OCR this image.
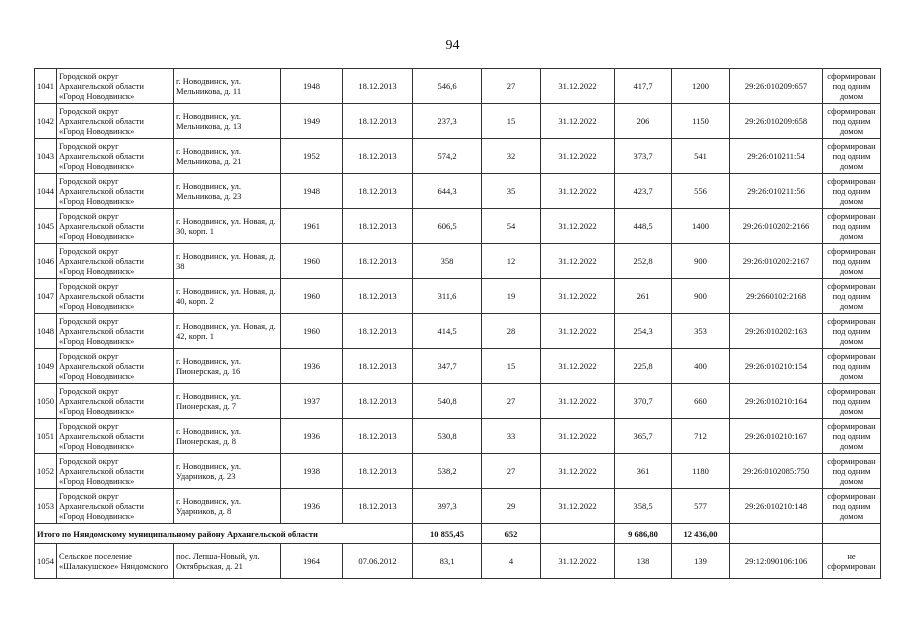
94
1041	Городской округ Архангельской области «Город Новодвинск»	г. Новодвинск, ул. Мельникова, д. 11	1948	18.12.2013	546,6	27	31.12.2022	417,7	1200	29:26:010209:657	сформирован под одним домом
1042	Городской округ Архангельской области «Город Новодвинск»	г. Новодвинск, ул. Мельникова, д. 13	1949	18.12.2013	237,3	15	31.12.2022	206	1150	29:26:010209:658	сформирован под одним домом
1043	Городской округ Архангельской области «Город Новодвинск»	г. Новодвинск, ул. Мельникова, д. 21	1952	18.12.2013	574,2	32	31.12.2022	373,7	541	29:26:010211:54	сформирован под одним домом
1044	Городской округ Архангельской области «Город Новодвинск»	г. Новодвинск, ул. Мельникова, д. 23	1948	18.12.2013	644,3	35	31.12.2022	423,7	556	29:26:010211:56	сформирован под одним домом
1045	Городской округ Архангельской области «Город Новодвинск»	г. Новодвинск, ул. Новая, д. 30, корп. 1	1961	18.12.2013	606,5	54	31.12.2022	448,5	1400	29:26:010202:2166	сформирован под одним домом
1046	Городской округ Архангельской области «Город Новодвинск»	г. Новодвинск, ул. Новая, д. 38	1960	18.12.2013	358	12	31.12.2022	252,8	900	29:26:010202:2167	сформирован под одним домом
1047	Городской округ Архангельской области «Город Новодвинск»	г. Новодвинск, ул. Новая, д. 40, корп. 2	1960	18.12.2013	311,6	19	31.12.2022	261	900	29:2660102:2168	сформирован под одним домом
1048	Городской округ Архангельской области «Город Новодвинск»	г. Новодвинск, ул. Новая, д. 42, корп. 1	1960	18.12.2013	414,5	28	31.12.2022	254,3	353	29:26:010202:163	сформирован под одним домом
1049	Городской округ Архангельской области «Город Новодвинск»	г. Новодвинск, ул. Пионерская, д. 16	1936	18.12.2013	347,7	15	31.12.2022	225,8	400	29:26:010210:154	сформирован под одним домом
1050	Городской округ Архангельской области «Город Новодвинск»	г. Новодвинск, ул. Пионерская, д. 7	1937	18.12.2013	540,8	27	31.12.2022	370,7	660	29:26:010210:164	сформирован под одним домом
1051	Городской округ Архангельской области «Город Новодвинск»	г. Новодвинск, ул. Пионерская, д. 8	1936	18.12.2013	530,8	33	31.12.2022	365,7	712	29:26:010210:167	сформирован под одним домом
1052	Городской округ Архангельской области «Город Новодвинск»	г. Новодвинск, ул. Ударников, д. 23	1938	18.12.2013	538,2	27	31.12.2022	361	1180	29:26:0102085:750	сформирован под одним домом
1053	Городской округ Архангельской области «Город Новодвинск»	г. Новодвинск, ул. Ударников, д. 8	1936	18.12.2013	397,3	29	31.12.2022	358,5	577	29:26:010210:148	сформирован под одним домом
Итого по Няндомскому муниципальному району Архангельской области					10 855,45	652		9 686,80	12 436,00		
1054	Сельское поселение «Шалакушское» Няндомского	пос. Лепша-Новый, ул. Октябрьская, д. 21	1964	07.06.2012	83,1	4	31.12.2022	138	139	29:12:090106:106	не сформирован
